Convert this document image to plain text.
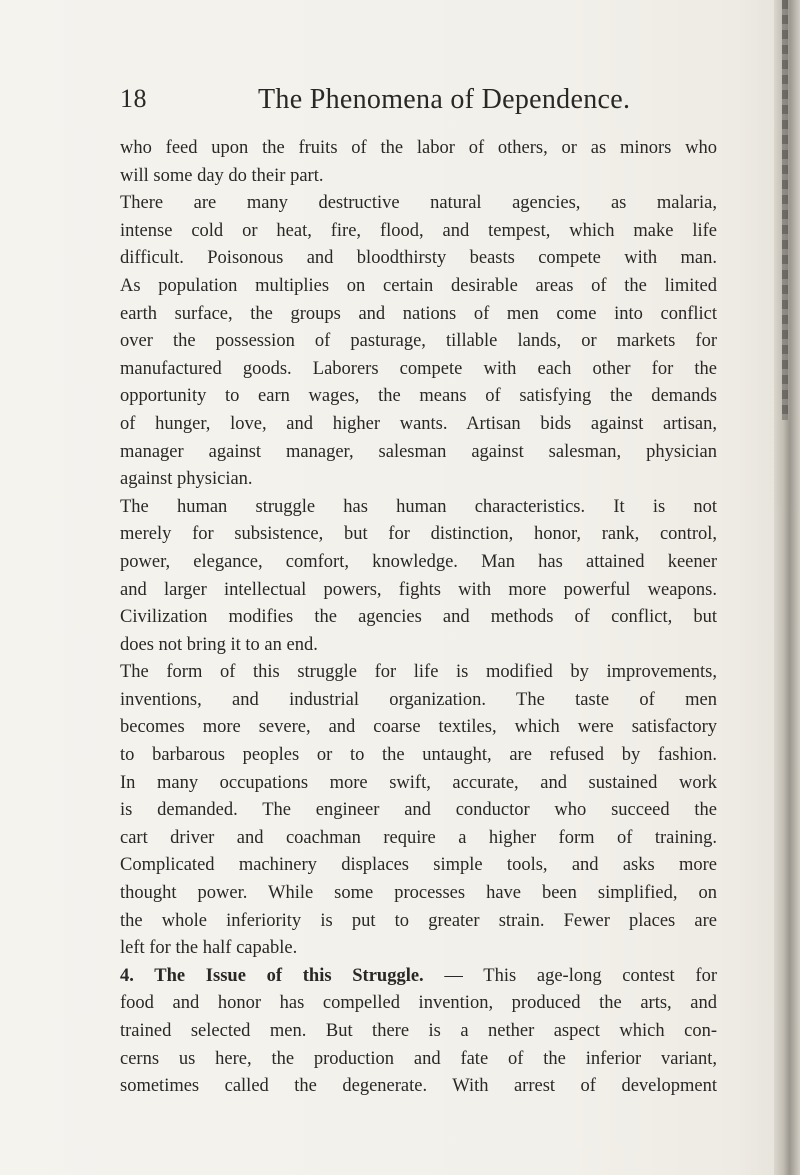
18	The Phenomena of Dependence.

who feed upon the fruits of the labor of others, or as minors who

will some day do their part.

There are many destructive natural agencies, as malaria,

intense cold or heat, fire, flood, and tempest, which make life

difficult. Poisonous and bloodthirsty beasts compete with man.

As population multiplies on certain desirable areas of the limited

earth surface, the groups and nations of men come into conflict

over the possession of pasturage, tillable lands, or markets for

manufactured goods. Laborers compete with each other for the

opportunity to earn wages, the means of satisfying the demands

of hunger, love, and higher wants. Artisan bids against artisan,

manager against manager, salesman against salesman, physician

against physician.

The human struggle has human characteristics. It is not

merely for subsistence, but for distinction, honor, rank, control,

power, elegance, comfort, knowledge. Man has attained keener

and larger intellectual powers, fights with more powerful weapons.

Civilization modifies the agencies and methods of conflict, but

does not bring it to an end.

The form of this struggle for life is modified by improvements,

inventions, and industrial organization. The taste of men

becomes more severe, and coarse textiles, which were satisfactory

to barbarous peoples or to the untaught, are refused by fashion.

In many occupations more swift, accurate, and sustained work

is demanded. The engineer and conductor who succeed the

cart driver and coachman require a higher form of training.

Complicated machinery displaces simple tools, and asks more

thought power. While some processes have been simplified, on

the whole inferiority is put to greater strain. Fewer places are

left for the half capable.

4. The Issue of this Struggle. — This age-long contest for

food and honor has compelled invention, produced the arts, and

trained selected men. But there is a nether aspect which con-

cerns us here, the production and fate of the inferior variant,

sometimes called the degenerate. With arrest of development
